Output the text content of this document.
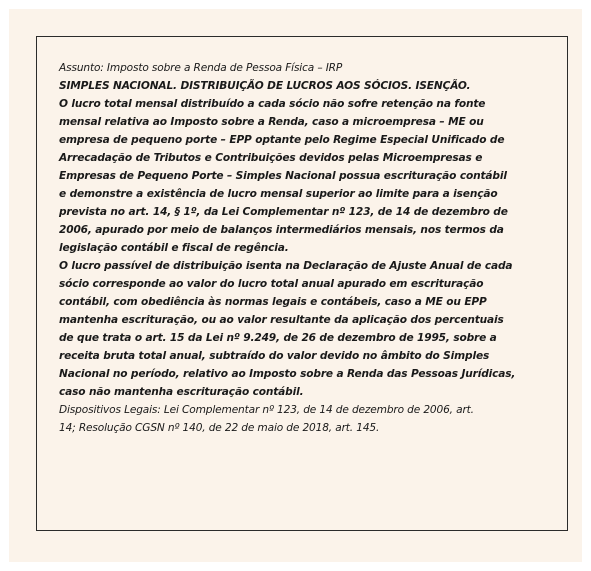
Assunto: Imposto sobre a Renda de Pessoa Física – IRP
SIMPLES NACIONAL. DISTRIBUIÇÃO DE LUCROS AOS SÓCIOS. ISENÇÃO.
O lucro total mensal distribuído a cada sócio não sofre retenção na fonte
mensal relativa ao Imposto sobre a Renda, caso a microempresa – ME ou
empresa de pequeno porte – EPP optante pelo Regime Especial Unificado de
Arrecadação de Tributos e Contribuições devidos pelas Microempresas e
Empresas de Pequeno Porte – Simples Nacional possua escrituração contábil
e demonstre a existência de lucro mensal superior ao limite para a isenção
prevista no art. 14, § 1º, da Lei Complementar nº 123, de 14 de dezembro de
2006, apurado por meio de balanços intermediários mensais, nos termos da
legislação contábil e fiscal de regência.
O lucro passível de distribuição isenta na Declaração de Ajuste Anual de cada
sócio corresponde ao valor do lucro total anual apurado em escrituração
contábil, com obediência às normas legais e contábeis, caso a ME ou EPP
mantenha escrituração, ou ao valor resultante da aplicação dos percentuais
de que trata o art. 15 da Lei nº 9.249, de 26 de dezembro de 1995, sobre a
receita bruta total anual, subtraído do valor devido no âmbito do Simples
Nacional no período, relativo ao Imposto sobre a Renda das Pessoas Jurídicas,
caso não mantenha escrituração contábil.
Dispositivos Legais: Lei Complementar nº 123, de 14 de dezembro de 2006, art.
14; Resolução CGSN nº 140, de 22 de maio de 2018, art. 145.
